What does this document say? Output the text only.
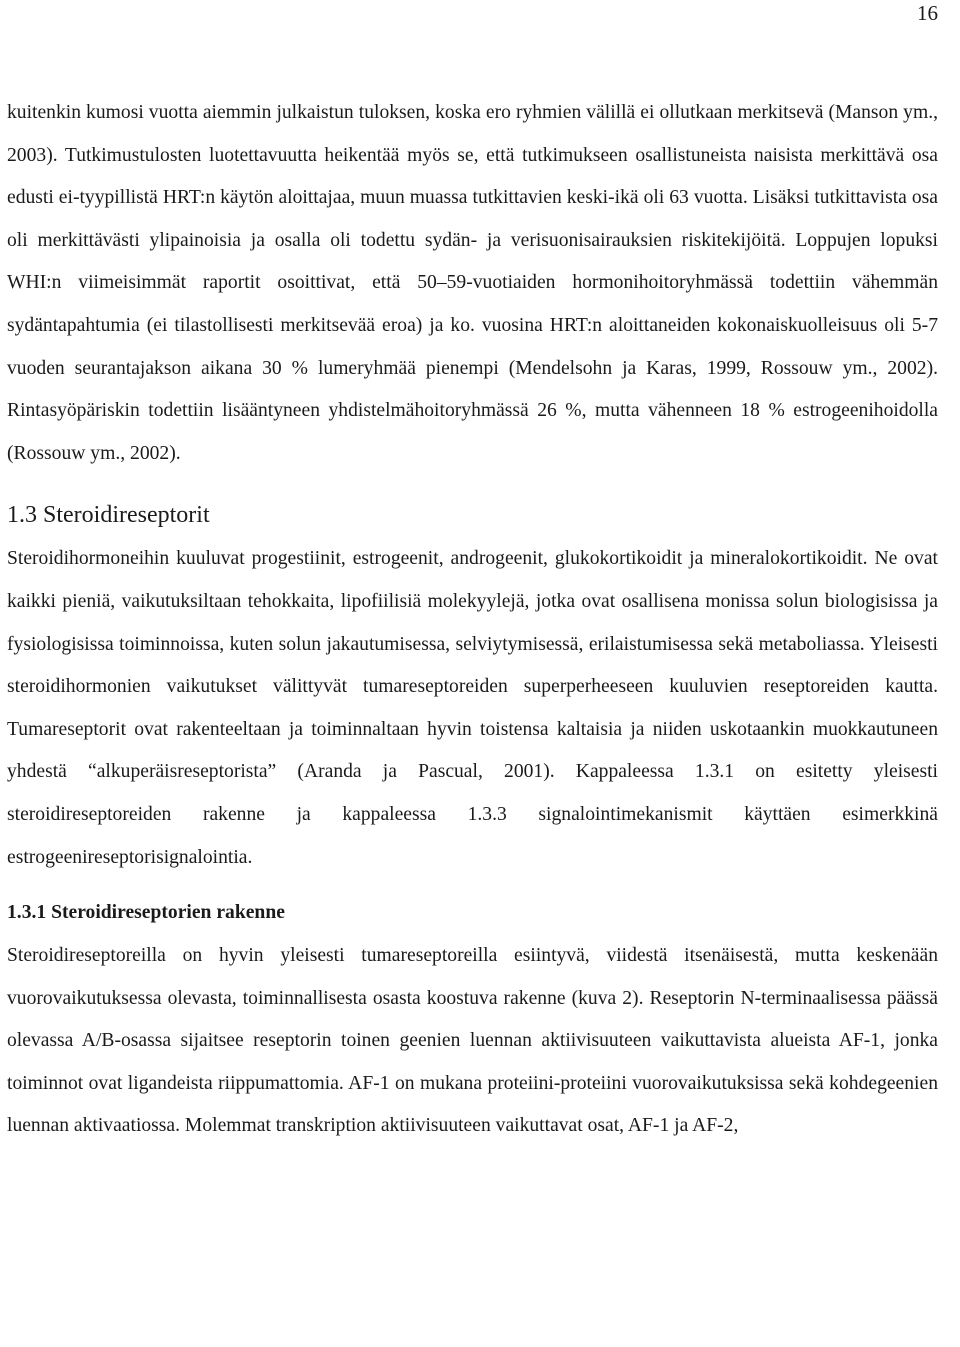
16

kuitenkin kumosi vuotta aiemmin julkaistun tuloksen, koska ero ryhmien välillä ei ollutkaan merkitsevä (Manson ym., 2003). Tutkimustulosten luotettavuutta heikentää myös se, että tutkimukseen osallistuneista naisista merkittävä osa edusti ei-tyypillistä HRT:n käytön aloittajaa, muun muassa tutkittavien keski-ikä oli 63 vuotta. Lisäksi tutkittavista osa oli merkittävästi ylipainoisia ja osalla oli todettu sydän- ja verisuonisairauksien riskitekijöitä. Loppujen lopuksi WHI:n viimeisimmät raportit osoittivat, että 50–59-vuotiaiden hormonihoitoryhmässä todettiin vähemmän sydäntapahtumia (ei tilastollisesti merkitsevää eroa) ja ko. vuosina HRT:n aloittaneiden kokonaiskuolleisuus oli 5-7 vuoden seurantajakson aikana 30 % lumeryhmää pienempi (Mendelsohn ja Karas, 1999, Rossouw ym., 2002). Rintasyöpäriskin todettiin lisääntyneen yhdistelmähoitoryhmässä 26 %, mutta vähenneen 18 % estrogeenihoidolla (Rossouw ym., 2002).

1.3 Steroidireseptorit

Steroidihormoneihin kuuluvat progestiinit, estrogeenit, androgeenit, glukokortikoidit ja mineralokortikoidit. Ne ovat kaikki pieniä, vaikutuksiltaan tehokkaita, lipofiilisiä molekyylejä, jotka ovat osallisena monissa solun biologisissa ja fysiologisissa toiminnoissa, kuten solun jakautumisessa, selviytymisessä, erilaistumisessa sekä metaboliassa. Yleisesti steroidihormonien vaikutukset välittyvät tumareseptoreiden superperheeseen kuuluvien reseptoreiden kautta. Tumareseptorit ovat rakenteeltaan ja toiminnaltaan hyvin toistensa kaltaisia ja niiden uskotaankin muokkautuneen yhdestä “alkuperäisreseptorista” (Aranda ja Pascual, 2001). Kappaleessa 1.3.1 on esitetty yleisesti steroidireseptoreiden rakenne ja kappaleessa 1.3.3 signalointimekanismit käyttäen esimerkkinä estrogeenireseptorisignalointia.

1.3.1 Steroidireseptorien rakenne

Steroidireseptoreilla on hyvin yleisesti tumareseptoreilla esiintyvä, viidestä itsenäisestä, mutta keskenään vuorovaikutuksessa olevasta, toiminnallisesta osasta koostuva rakenne (kuva 2). Reseptorin N-terminaalisessa päässä olevassa A/B-osassa sijaitsee reseptorin toinen geenien luennan aktiivisuuteen vaikuttavista alueista AF-1, jonka toiminnot ovat ligandeista riippumattomia. AF-1 on mukana proteiini-proteiini vuorovaikutuksissa sekä kohdegeenien luennan aktivaatiossa. Molemmat transkription aktiivisuuteen vaikuttavat osat, AF-1 ja AF-2,
